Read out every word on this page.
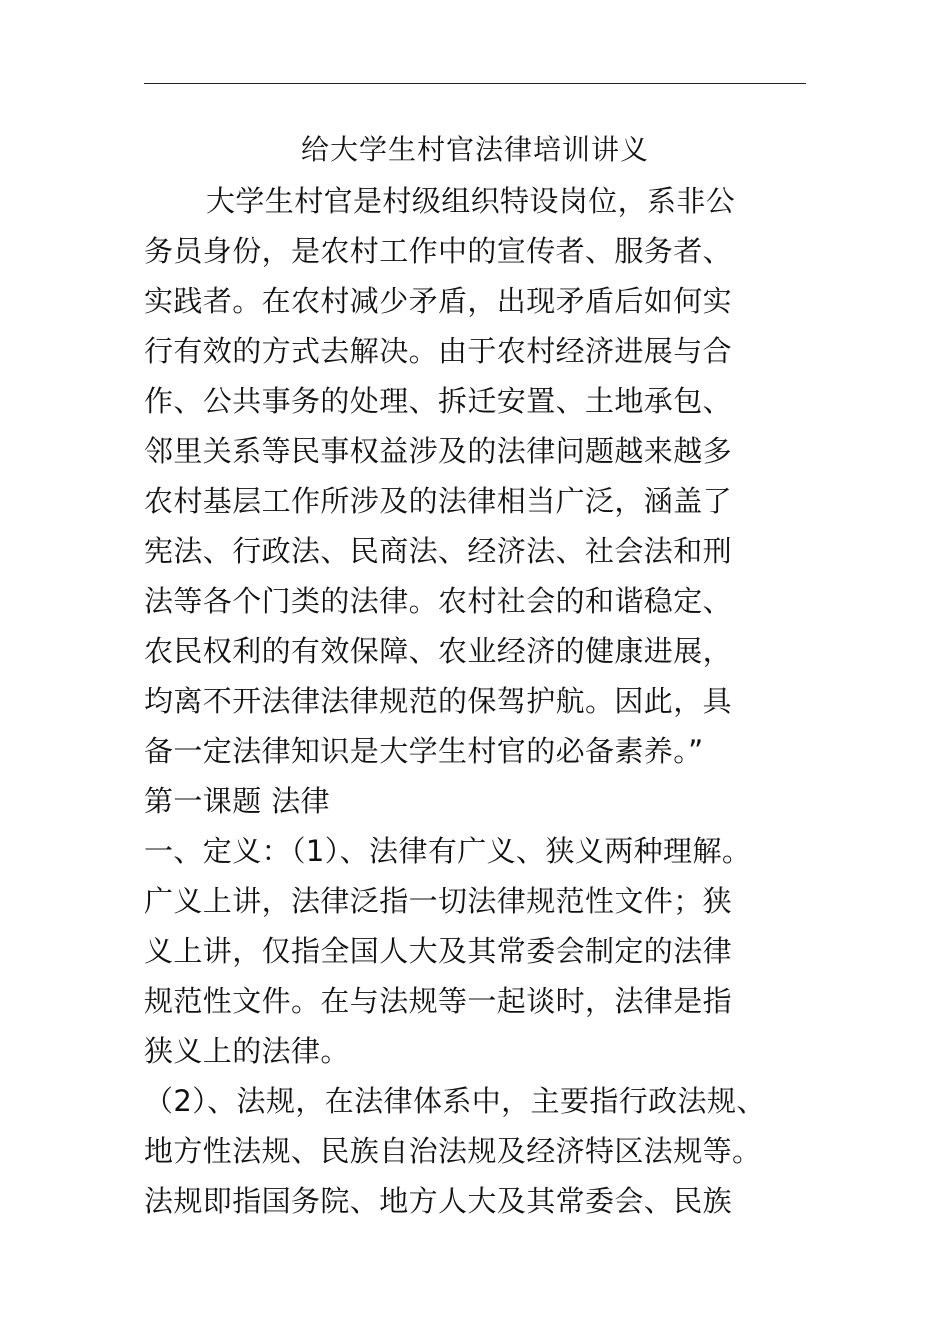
给大学生村官法律培训讲义
大学生村官是村级组织特设岗位，系非公
务员身份，是农村工作中的宣传者、服务者、
实践者。在农村减少矛盾，出现矛盾后如何实
行有效的方式去解决。由于农村经济进展与合
作、公共事务的处理、拆迁安置、土地承包、
邻里关系等民事权益涉及的法律问题越来越多
农村基层工作所涉及的法律相当广泛，涵盖了
宪法、行政法、民商法、经济法、社会法和刑
法等各个门类的法律。农村社会的和谐稳定、
农民权利的有效保障、农业经济的健康进展，
均离不开法律法律规范的保驾护航。因此，具
备一定法律知识是大学生村官的必备素养。”
第一课题 法律
一、定义：（1）、法律有广义、狭义两种理解。
广义上讲，法律泛指一切法律规范性文件；狭
义上讲，仅指全国人大及其常委会制定的法律
规范性文件。在与法规等一起谈时，法律是指
狭义上的法律。
（2）、法规，在法律体系中，主要指行政法规、
地方性法规、民族自治法规及经济特区法规等。
法规即指国务院、地方人大及其常委会、民族
